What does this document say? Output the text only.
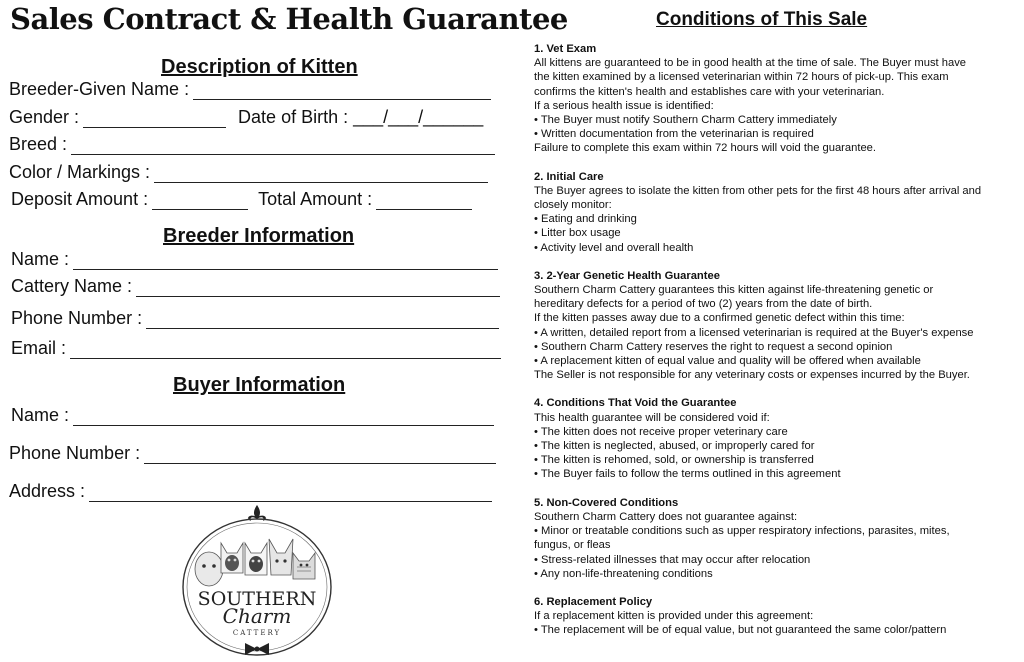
Sales Contract & Health Guarantee
Description of Kitten
Breeder-Given Name :
Gender :	Date of Birth : ___/___/______
Breed :
Color / Markings :
Deposit Amount :	Total Amount :
Breeder Information
Name :
Cattery Name :
Phone Number :
Email :
Buyer Information
Name :
Phone Number :
Address :
SOUTHERN
Charm
CATTERY
Conditions of This Sale
1. Vet Exam
All kittens are guaranteed to be in good health at the time of sale. The Buyer must have
the kitten examined by a licensed veterinarian within 72 hours of pick-up. This exam
confirms the kitten's health and establishes care with your veterinarian.
If a serious health issue is identified:
• The Buyer must notify Southern Charm Cattery immediately
• Written documentation from the veterinarian is required
Failure to complete this exam within 72 hours will void the guarantee.
2. Initial Care
The Buyer agrees to isolate the kitten from other pets for the first 48 hours after arrival and
closely monitor:
• Eating and drinking
• Litter box usage
• Activity level and overall health
3. 2-Year Genetic Health Guarantee
Southern Charm Cattery guarantees this kitten against life-threatening genetic or
hereditary defects for a period of two (2) years from the date of birth.
If the kitten passes away due to a confirmed genetic defect within this time:
• A written, detailed report from a licensed veterinarian is required at the Buyer's expense
• Southern Charm Cattery reserves the right to request a second opinion
• A replacement kitten of equal value and quality will be offered when available
The Seller is not responsible for any veterinary costs or expenses incurred by the Buyer.
4. Conditions That Void the Guarantee
This health guarantee will be considered void if:
• The kitten does not receive proper veterinary care
• The kitten is neglected, abused, or improperly cared for
• The kitten is rehomed, sold, or ownership is transferred
• The Buyer fails to follow the terms outlined in this agreement
5. Non-Covered Conditions
Southern Charm Cattery does not guarantee against:
• Minor or treatable conditions such as upper respiratory infections, parasites, mites,
fungus, or fleas
• Stress-related illnesses that may occur after relocation
• Any non-life-threatening conditions
6. Replacement Policy
If a replacement kitten is provided under this agreement:
• The replacement will be of equal value, but not guaranteed the same color/pattern
